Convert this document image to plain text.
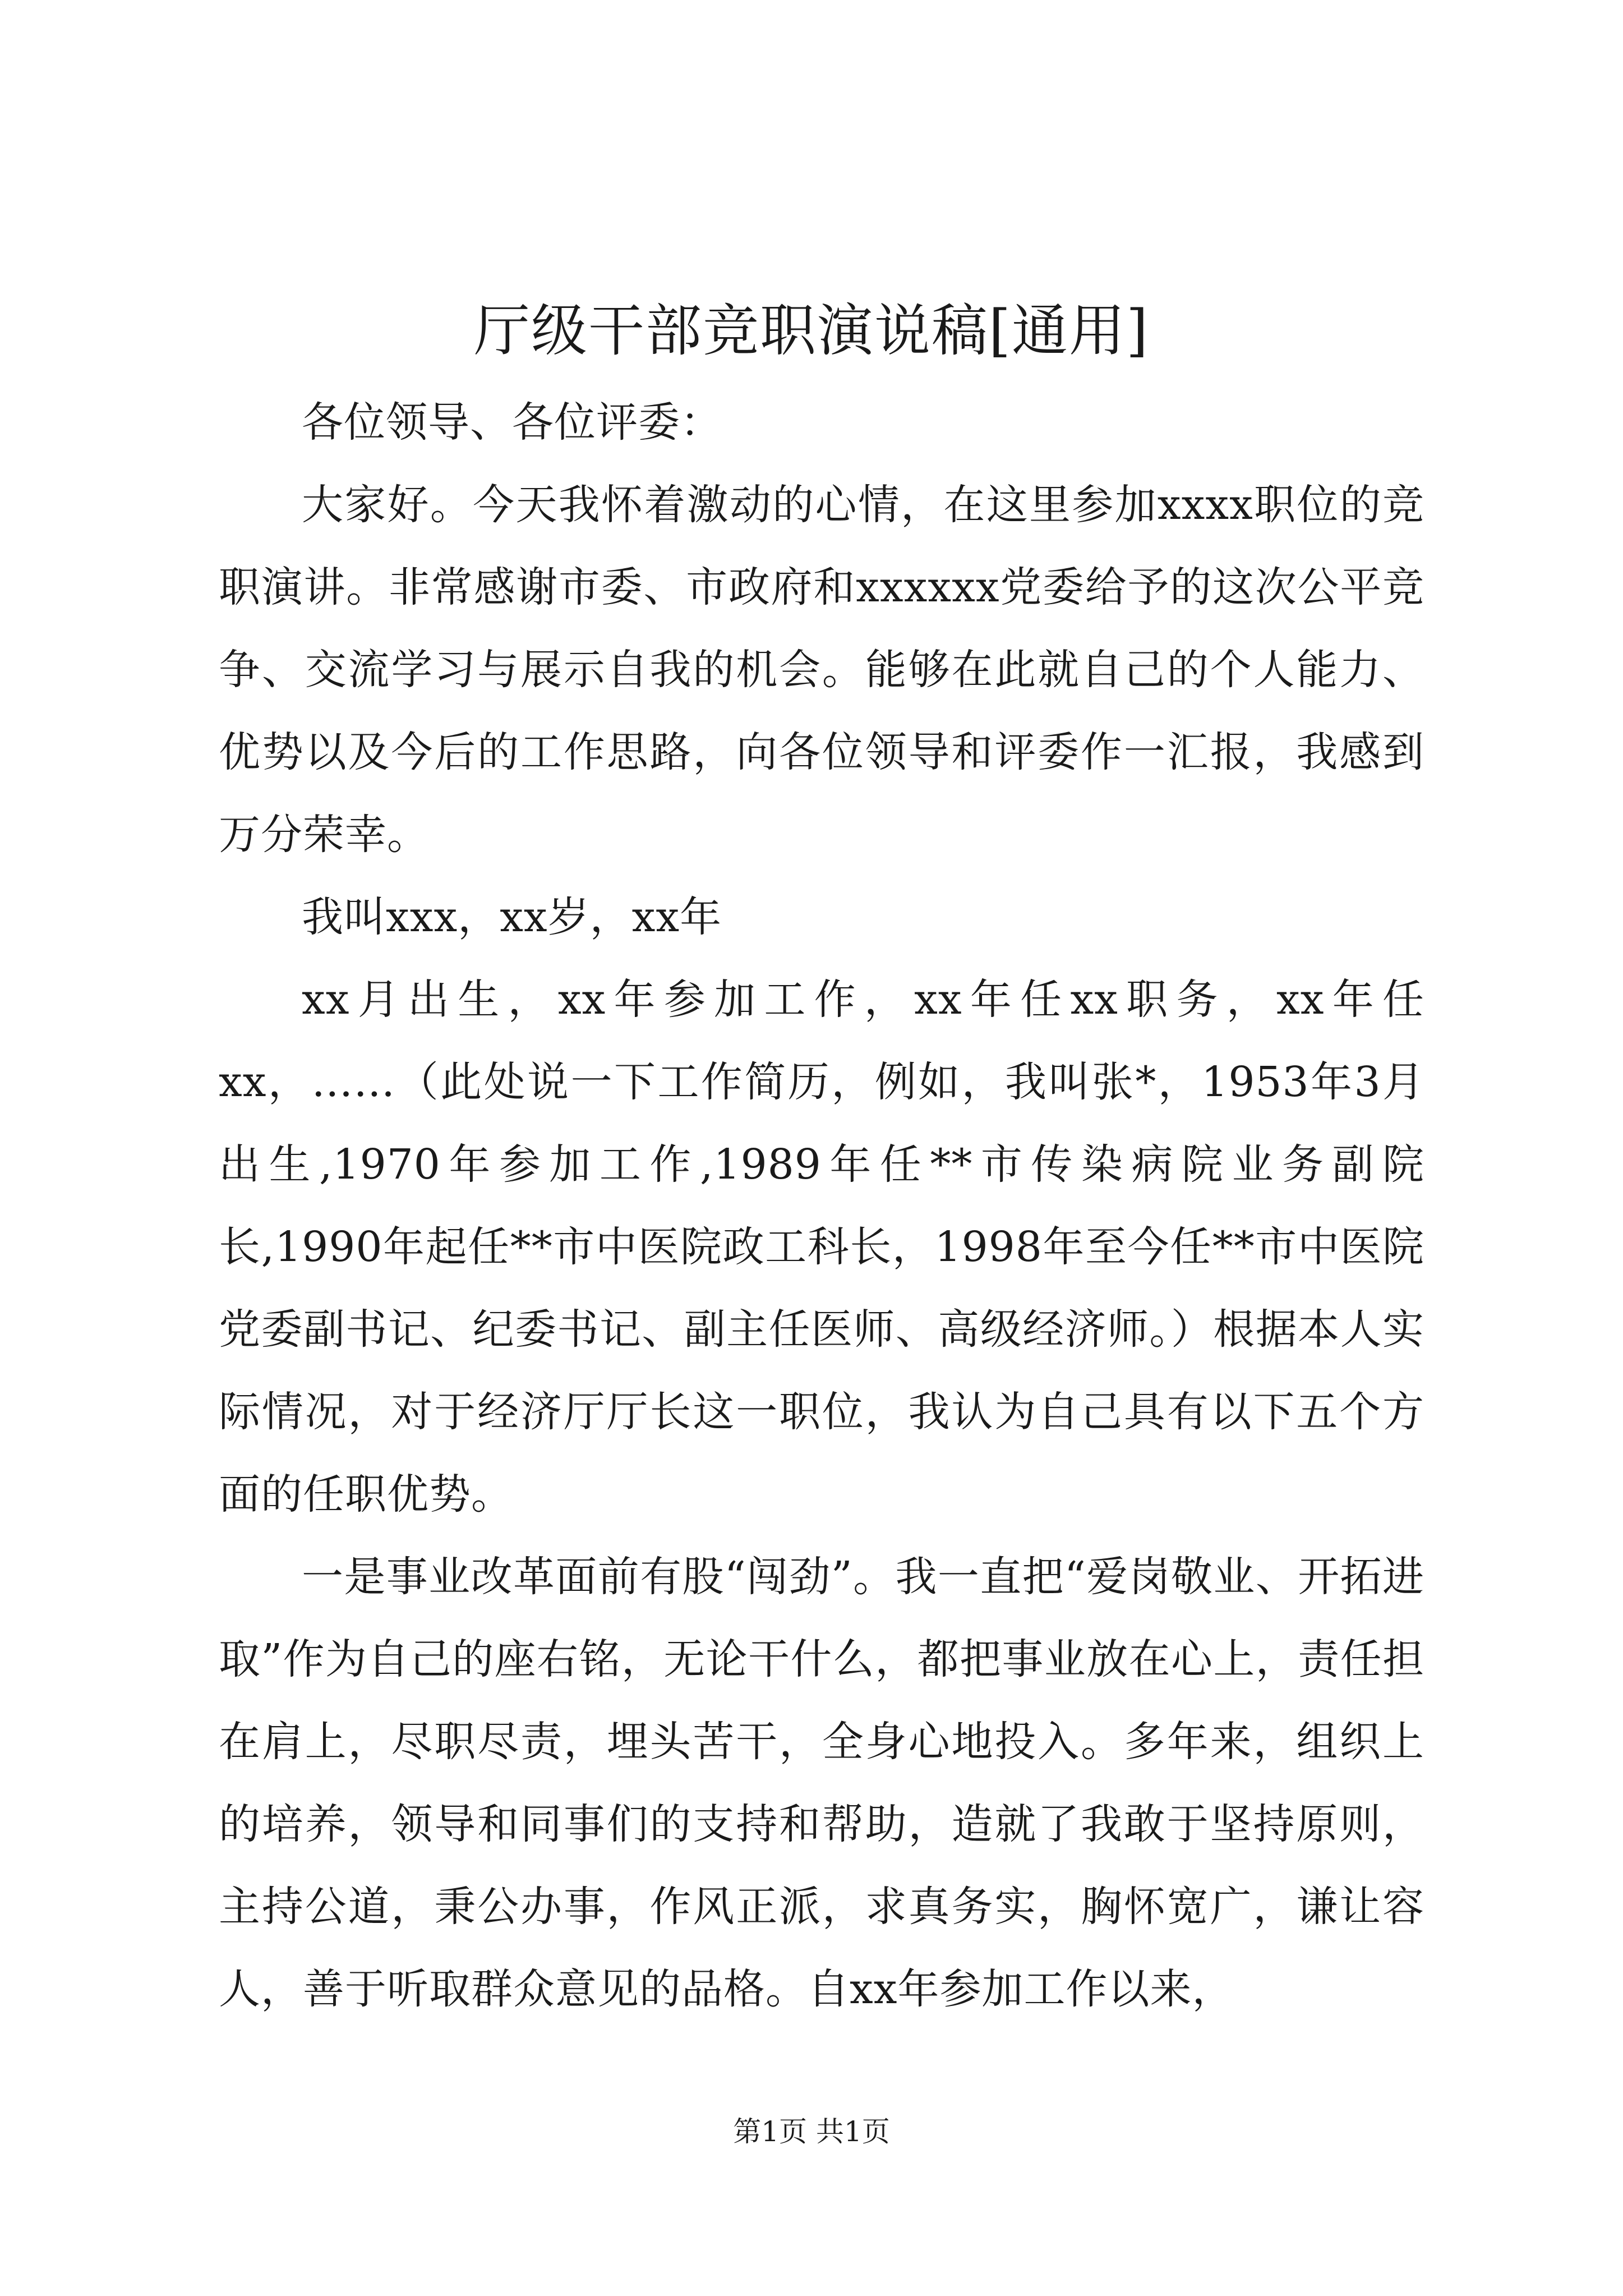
厅级干部竞职演说稿[通用]

各位领导、各位评委：

大家好。今天我怀着激动的心情，在这里参加xxxx职位的竞职演讲。非常感谢市委、市政府和xxxxxx党委给予的这次公平竞争、交流学习与展示自我的机会。能够在此就自己的个人能力、优势以及今后的工作思路，向各位领导和评委作一汇报，我感到万分荣幸。

我叫xxx，xx岁，xx年

xx月出生，xx年参加工作，xx年任xx职务，xx年任xx，……（此处说一下工作简历，例如，我叫张*，1953年3月出生,1970年参加工作,1989年任**市传染病院业务副院长,1990年起任**市中医院政工科长，1998年至今任**市中医院党委副书记、纪委书记、副主任医师、高级经济师。）根据本人实际情况，对于经济厅厅长这一职位，我认为自己具有以下五个方面的任职优势。

一是事业改革面前有股“闯劲”。我一直把“爱岗敬业、开拓进取”作为自己的座右铭，无论干什么，都把事业放在心上，责任担在肩上，尽职尽责，埋头苦干，全身心地投入。多年来，组织上的培养，领导和同事们的支持和帮助，造就了我敢于坚持原则，主持公道，秉公办事，作风正派，求真务实，胸怀宽广，谦让容人，善于听取群众意见的品格。自xx年参加工作以来，

第1页 共1页
